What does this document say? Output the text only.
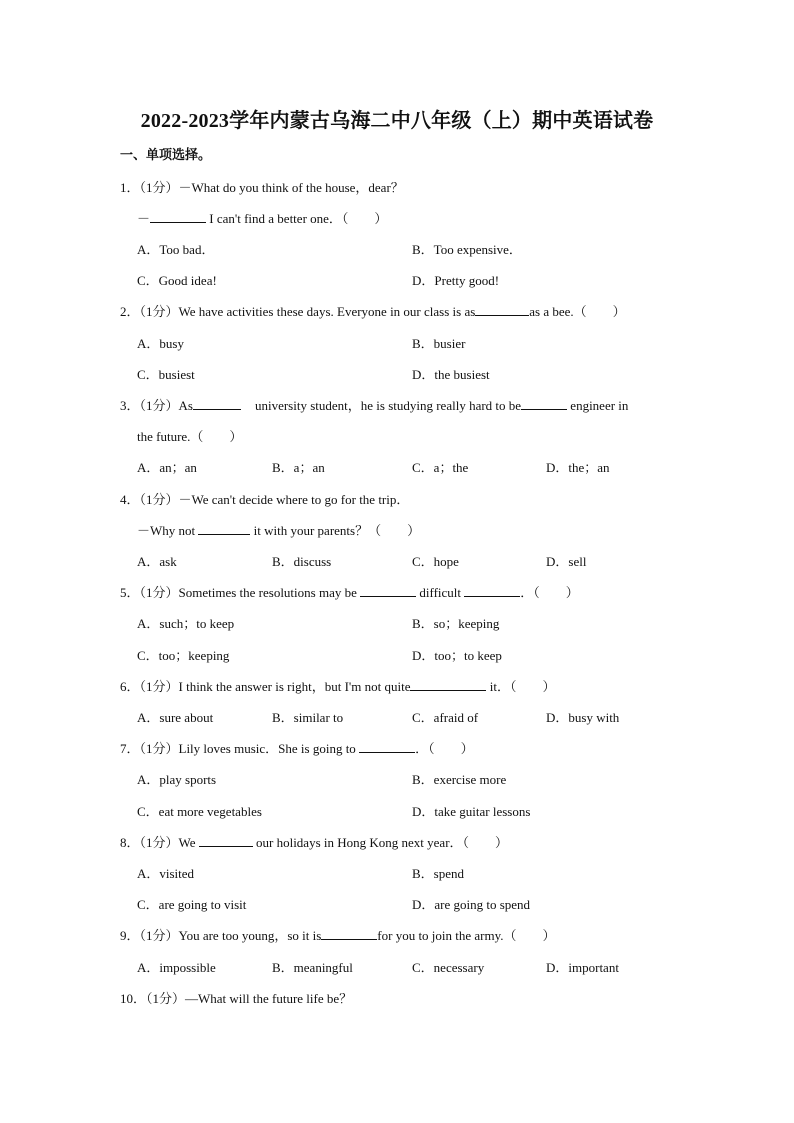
2022-2023学年内蒙古乌海二中八年级（上）期中英语试卷
一、单项选择。
1．（1分）－What do you think of the house，dear？
－	I can't find a better one．（　　）
A．Too bad．	B．Too expensive．
C．Good idea!	D．Pretty good!
2．（1分）We have activities these days. Everyone in our class is as	as a bee.（　　）
A．busy	B．busier
C．busiest	D．the busiest
3．（1分）As	university student，he is studying really hard to be	engineer in
the future.（　　）
A．an；an	B．a；an	C．a；the	D．the；an
4．（1分）－We can't decide where to go for the trip．
－Why not	it with your parents？（　　）
A．ask	B．discuss	C．hope	D．sell
5．（1分）Sometimes the resolutions may be	difficult	．（　　）
A．such；to keep	B．so；keeping
C．too；keeping	D．too；to keep
6．（1分）I think the answer is right，but I'm not quite	it．（　　）
A．sure about	B．similar to	C．afraid of	D．busy with
7．（1分）Lily loves music．She is going to	．（　　）
A．play sports	B．exercise more
C．eat more vegetables	D．take guitar lessons
8．（1分）We	our holidays in Hong Kong next year．（　　）
A．visited	B．spend
C．are going to visit	D．are going to spend
9．（1分）You are too young，so it is	for you to join the army.（　　）
A．impossible	B．meaningful	C．necessary	D．important
10．（1分）—What will the future life be？
